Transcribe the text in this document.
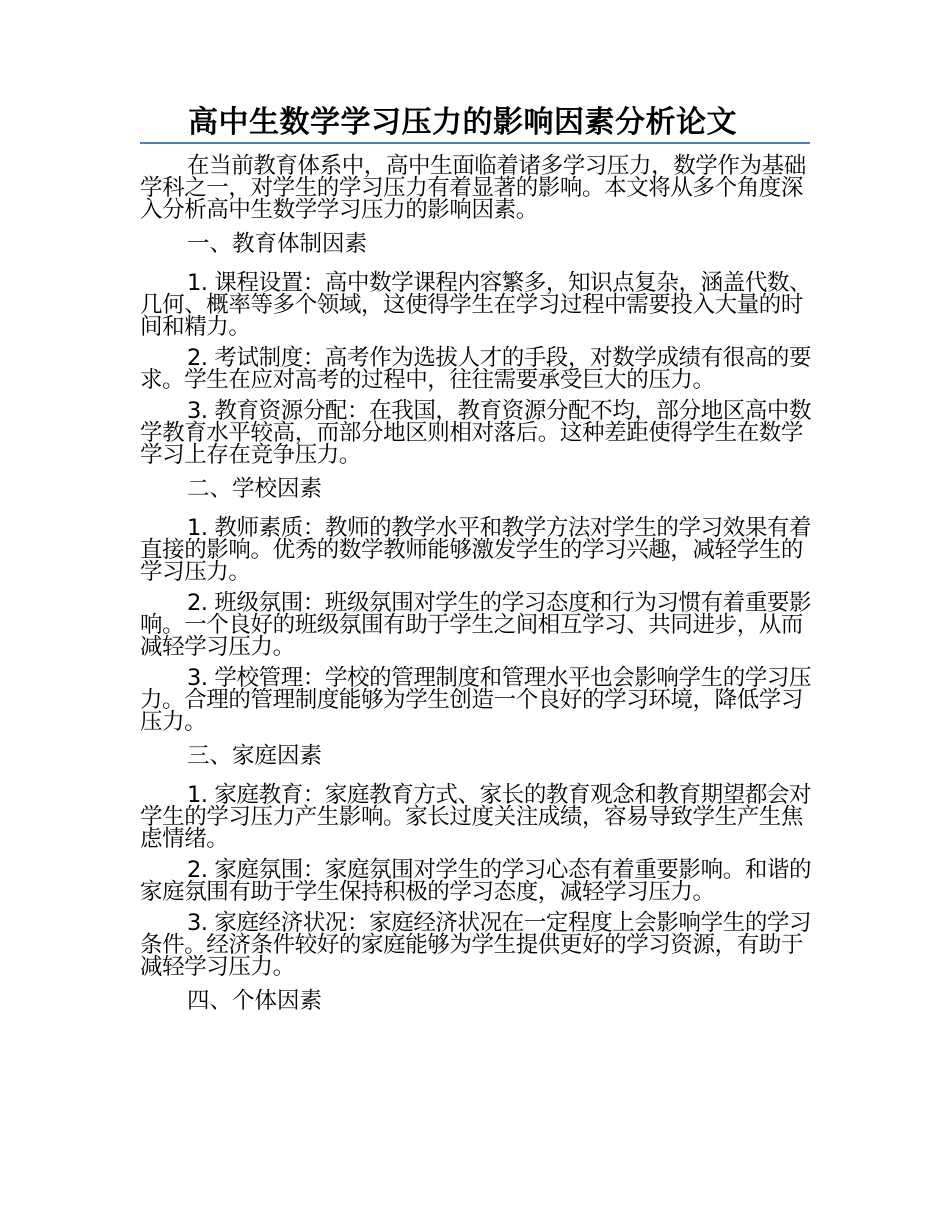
高中生数学学习压力的影响因素分析论文

在当前教育体系中，高中生面临着诸多学习压力，数学作为基础学科之一，对学生的学习压力有着显著的影响。本文将从多个角度深入分析高中生数学学习压力的影响因素。

一、教育体制因素

1. 课程设置：高中数学课程内容繁多，知识点复杂，涵盖代数、几何、概率等多个领域，这使得学生在学习过程中需要投入大量的时间和精力。

2. 考试制度：高考作为选拔人才的手段，对数学成绩有很高的要求。学生在应对高考的过程中，往往需要承受巨大的压力。

3. 教育资源分配：在我国，教育资源分配不均，部分地区高中数学教育水平较高，而部分地区则相对落后。这种差距使得学生在数学学习上存在竞争压力。

二、学校因素

1. 教师素质：教师的教学水平和教学方法对学生的学习效果有着直接的影响。优秀的数学教师能够激发学生的学习兴趣，减轻学生的学习压力。

2. 班级氛围：班级氛围对学生的学习态度和行为习惯有着重要影响。一个良好的班级氛围有助于学生之间相互学习、共同进步，从而减轻学习压力。

3. 学校管理：学校的管理制度和管理水平也会影响学生的学习压力。合理的管理制度能够为学生创造一个良好的学习环境，降低学习压力。

三、家庭因素

1. 家庭教育：家庭教育方式、家长的教育观念和教育期望都会对学生的学习压力产生影响。家长过度关注成绩，容易导致学生产生焦虑情绪。

2. 家庭氛围：家庭氛围对学生的学习心态有着重要影响。和谐的家庭氛围有助于学生保持积极的学习态度，减轻学习压力。

3. 家庭经济状况：家庭经济状况在一定程度上会影响学生的学习条件。经济条件较好的家庭能够为学生提供更好的学习资源，有助于减轻学习压力。

四、个体因素
